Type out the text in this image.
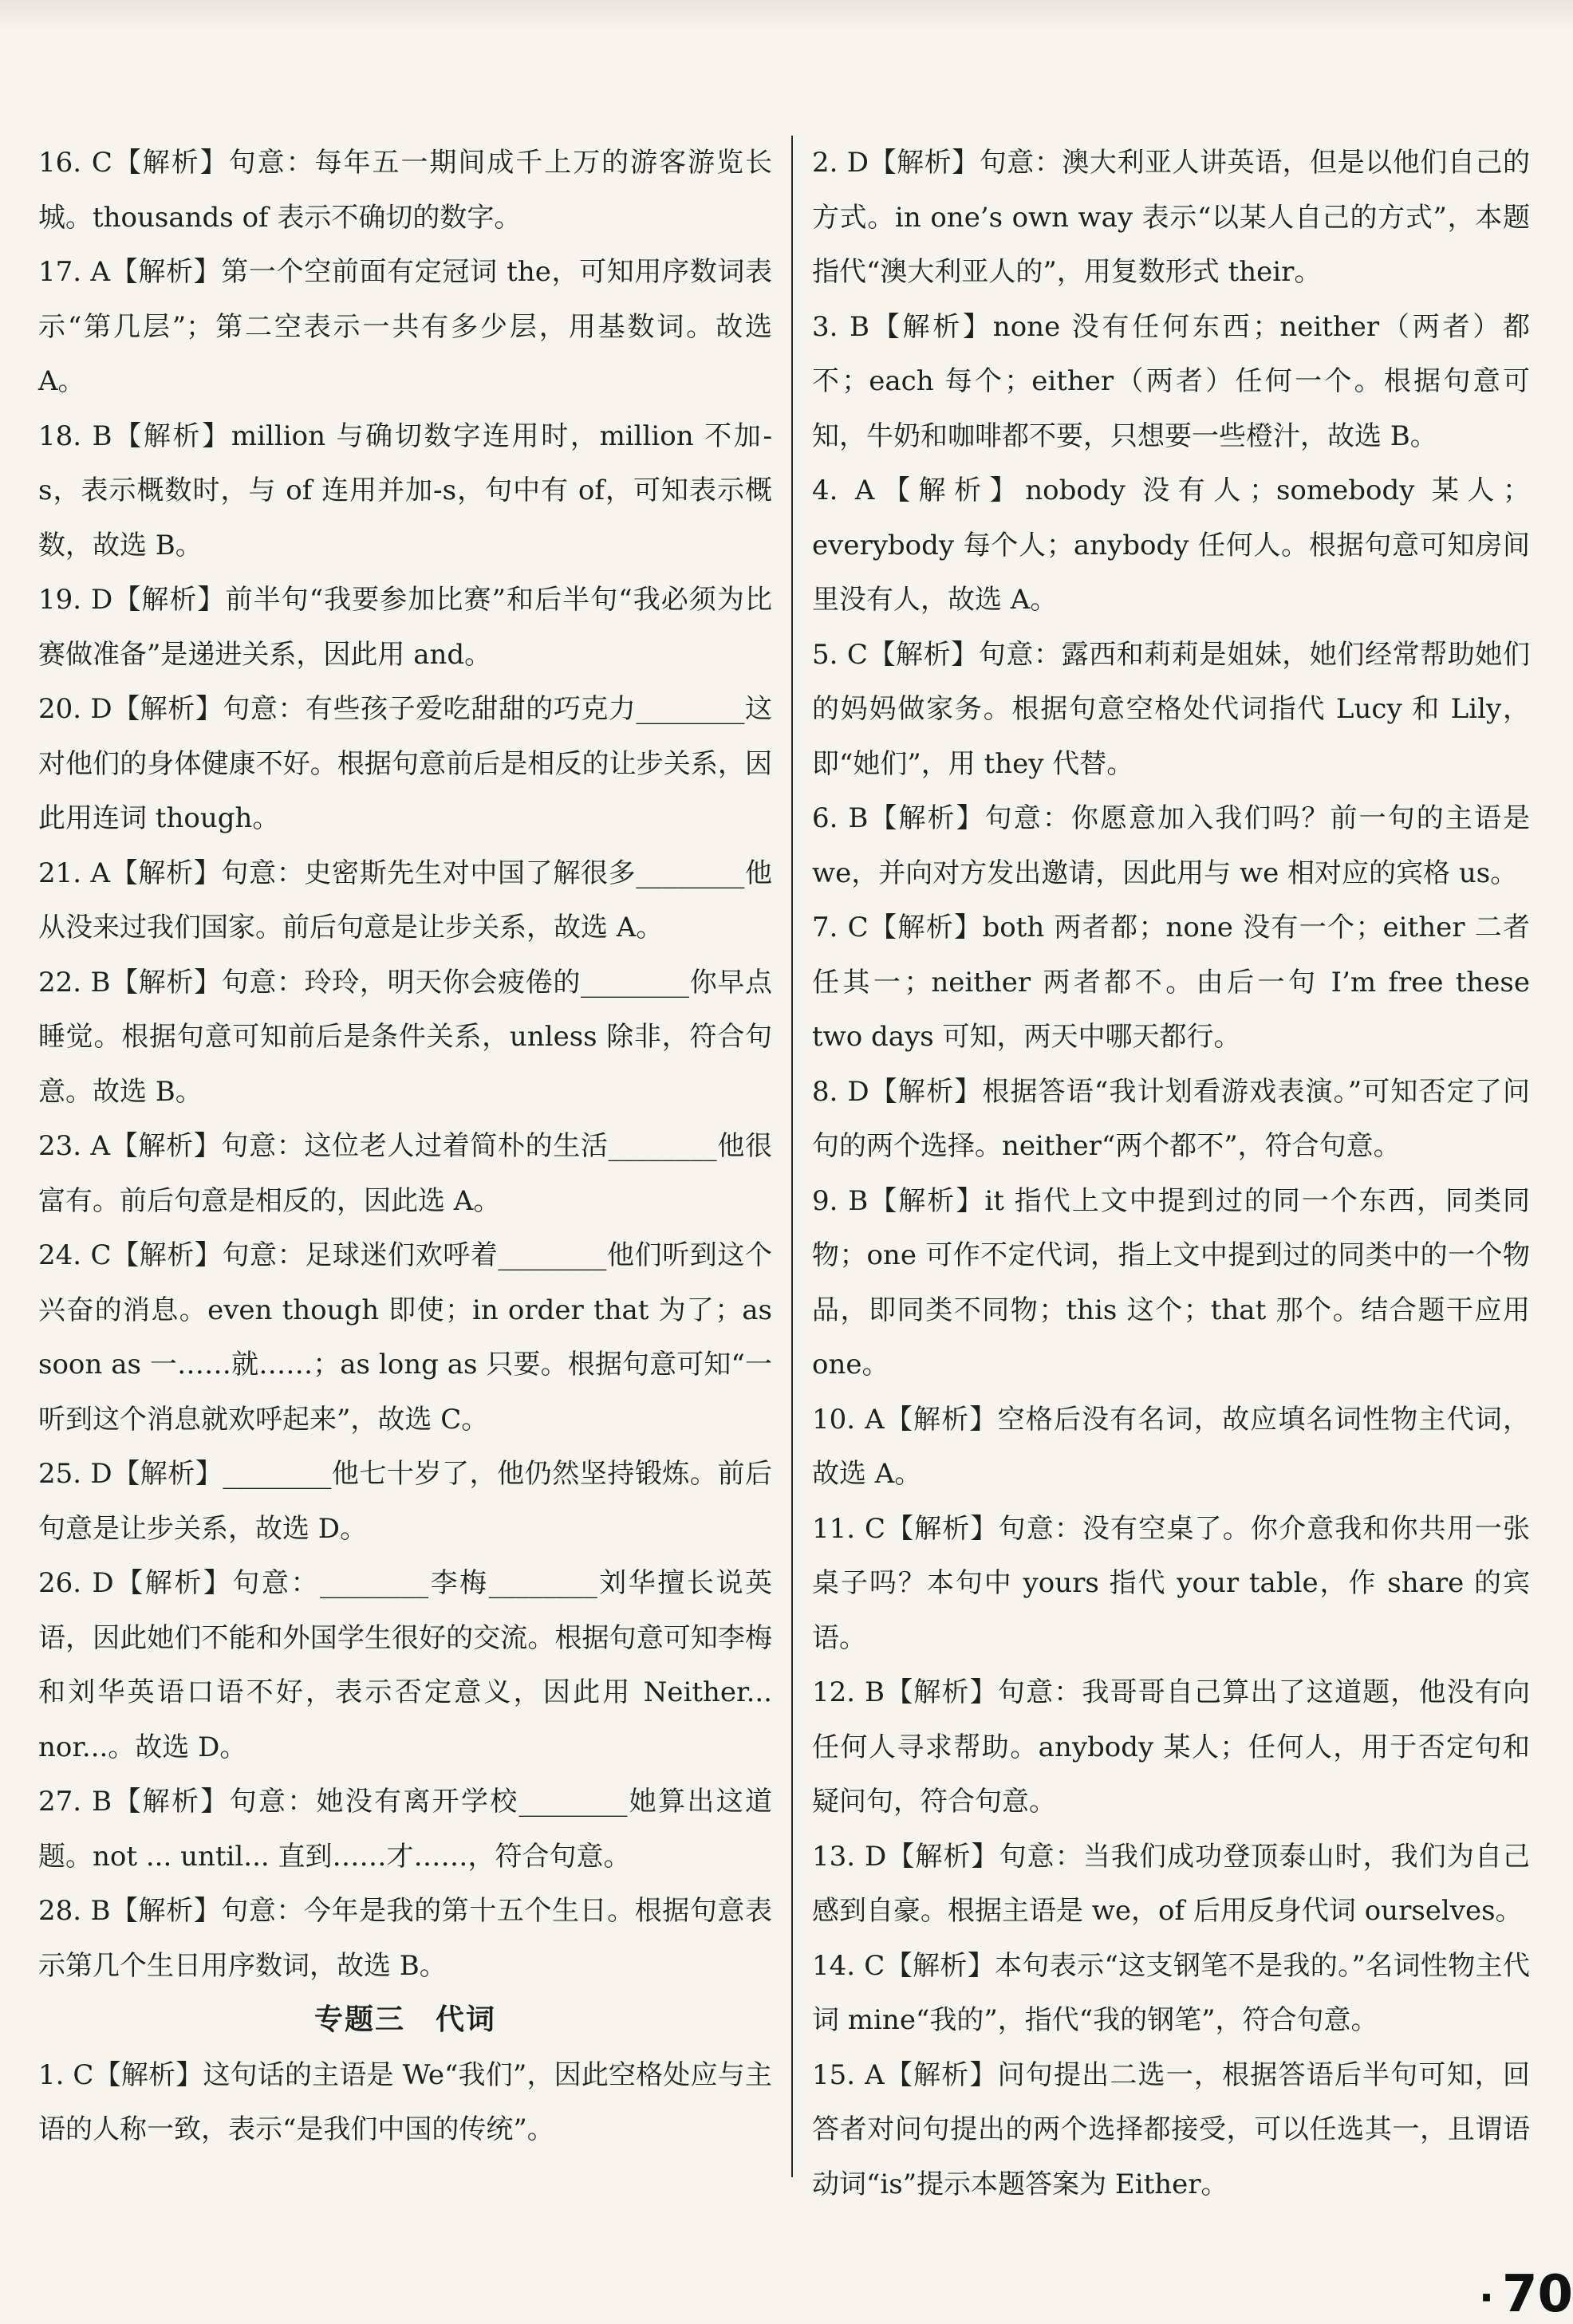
16. C【解析】句意：每年五一期间成千上万的游客游览长城。thousands of 表示不确切的数字。

17. A【解析】第一个空前面有定冠词 the，可知用序数词表示“第几层”；第二空表示一共有多少层，用基数词。故选 A。

18. B【解析】million 与确切数字连用时，million 不加-s，表示概数时，与 of 连用并加-s，句中有 of，可知表示概数，故选 B。

19. D【解析】前半句“我要参加比赛”和后半句“我必须为比赛做准备”是递进关系，因此用 and。

20. D【解析】句意：有些孩子爱吃甜甜的巧克力________这对他们的身体健康不好。根据句意前后是相反的让步关系，因此用连词 though。

21. A【解析】句意：史密斯先生对中国了解很多________他从没来过我们国家。前后句意是让步关系，故选 A。

22. B【解析】句意：玲玲，明天你会疲倦的________你早点睡觉。根据句意可知前后是条件关系，unless 除非，符合句意。故选 B。

23. A【解析】句意：这位老人过着简朴的生活________他很富有。前后句意是相反的，因此选 A。

24. C【解析】句意：足球迷们欢呼着________他们听到这个兴奋的消息。even though 即使；in order that 为了；as soon as 一……就……；as long as 只要。根据句意可知“一听到这个消息就欢呼起来”，故选 C。

25. D【解析】________他七十岁了，他仍然坚持锻炼。前后句意是让步关系，故选 D。

26. D【解析】句意：________李梅________刘华擅长说英语，因此她们不能和外国学生很好的交流。根据句意可知李梅和刘华英语口语不好，表示否定意义，因此用 Neither... nor...。故选 D。

27. B【解析】句意：她没有离开学校________她算出这道题。not ... until... 直到……才……，符合句意。

28. B【解析】句意：今年是我的第十五个生日。根据句意表示第几个生日用序数词，故选 B。

专题三　代词

1. C【解析】这句话的主语是 We“我们”，因此空格处应与主语的人称一致，表示“是我们中国的传统”。

2. D【解析】句意：澳大利亚人讲英语，但是以他们自己的方式。in one’s own way 表示“以某人自己的方式”，本题指代“澳大利亚人的”，用复数形式 their。

3. B【解析】none 没有任何东西；neither（两者）都不；each 每个；either（两者）任何一个。根据句意可知，牛奶和咖啡都不要，只想要一些橙汁，故选 B。

4. A【解析】nobody 没有人；somebody 某人；everybody 每个人；anybody 任何人。根据句意可知房间里没有人，故选 A。

5. C【解析】句意：露西和莉莉是姐妹，她们经常帮助她们的妈妈做家务。根据句意空格处代词指代 Lucy 和 Lily，即“她们”，用 they 代替。

6. B【解析】句意：你愿意加入我们吗？前一句的主语是 we，并向对方发出邀请，因此用与 we 相对应的宾格 us。

7. C【解析】both 两者都；none 没有一个；either 二者任其一；neither 两者都不。由后一句 I’m free these two days 可知，两天中哪天都行。

8. D【解析】根据答语“我计划看游戏表演。”可知否定了问句的两个选择。neither“两个都不”，符合句意。

9. B【解析】it 指代上文中提到过的同一个东西，同类同物；one 可作不定代词，指上文中提到过的同类中的一个物品，即同类不同物；this 这个；that 那个。结合题干应用 one。

10. A【解析】空格后没有名词，故应填名词性物主代词，故选 A。

11. C【解析】句意：没有空桌了。你介意我和你共用一张桌子吗？本句中 yours 指代 your table，作 share 的宾语。

12. B【解析】句意：我哥哥自己算出了这道题，他没有向任何人寻求帮助。anybody 某人；任何人，用于否定句和疑问句，符合句意。

13. D【解析】句意：当我们成功登顶泰山时，我们为自己感到自豪。根据主语是 we，of 后用反身代词 ourselves。

14. C【解析】本句表示“这支钢笔不是我的。”名词性物主代词 mine“我的”，指代“我的钢笔”，符合句意。

15. A【解析】问句提出二选一，根据答语后半句可知，回答者对问句提出的两个选择都接受，可以任选其一，且谓语动词“is”提示本题答案为 Either。

· 70
